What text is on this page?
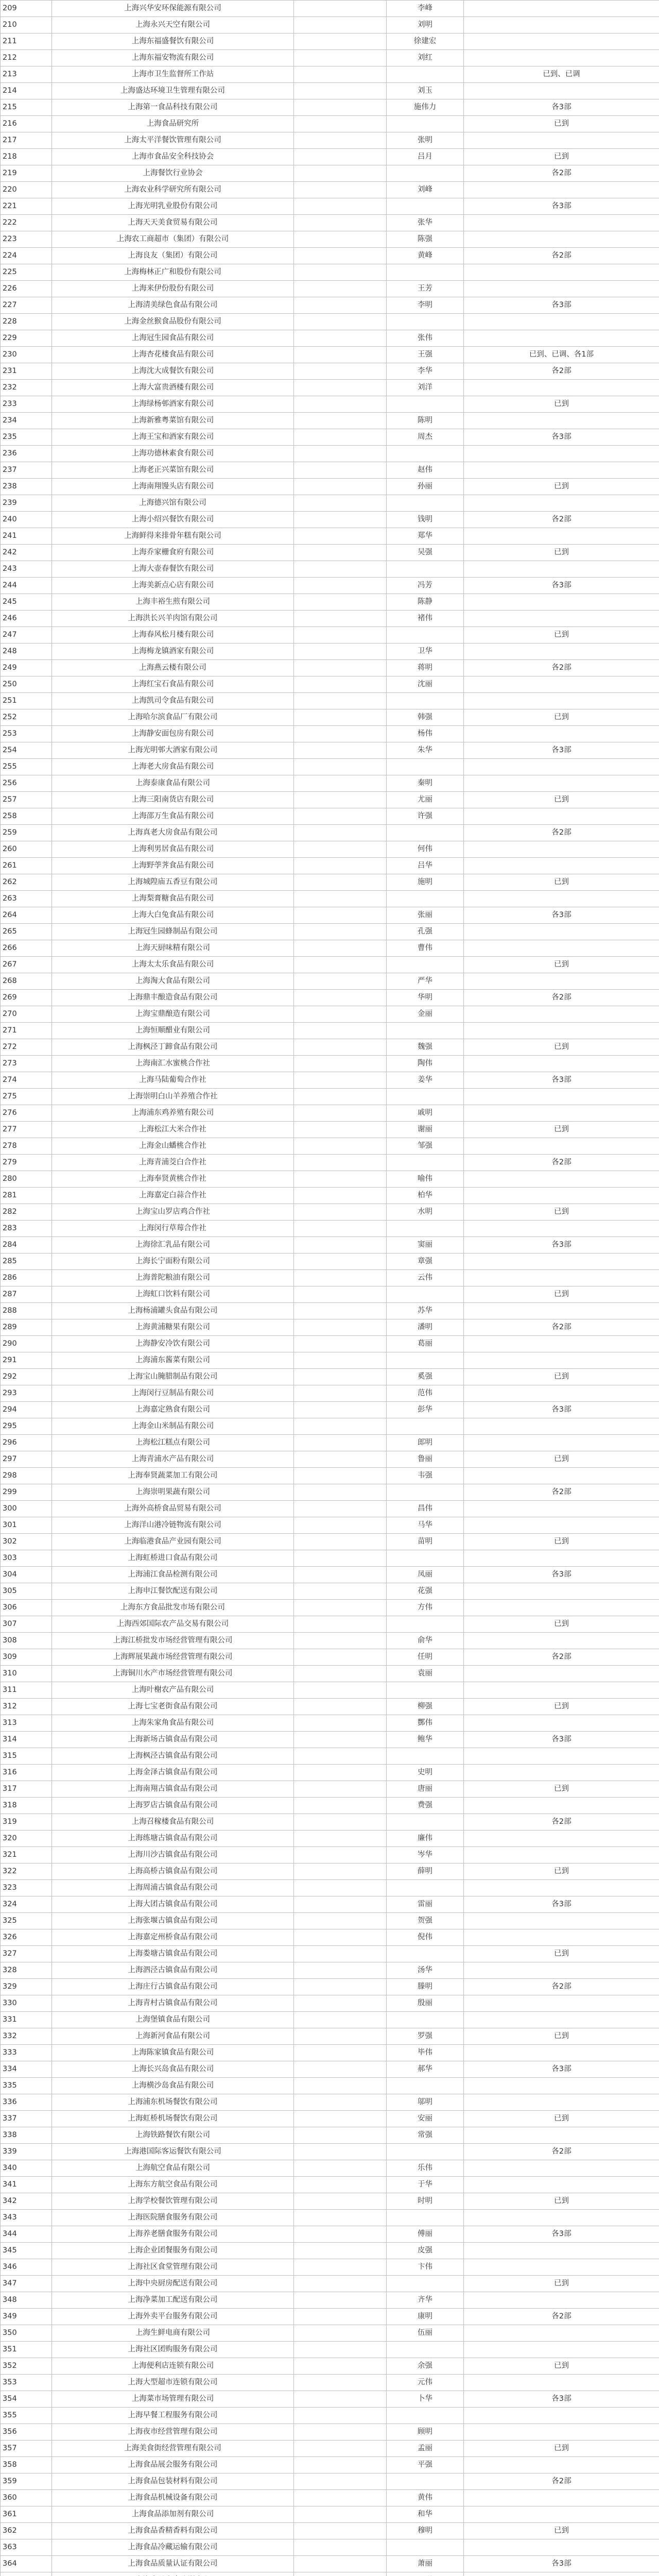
209	上海兴华安环保能源有限公司		李峰	
210	上海永兴天空有限公司		刘明	
211	上海东福盛餐饮有限公司		徐建宏	
212	上海东福安物流有限公司		刘红	
213	上海市卫生监督所工作站			已到、已调
214	上海盛达环境卫生管理有限公司		刘玉	
215	上海第一食品科技有限公司		施伟力	各3部
216	上海食品研究所			已到
217	上海太平洋餐饮管理有限公司		张明	
218	上海市食品安全科技协会		吕月	已到
219	上海餐饮行业协会			各2部
220	上海农业科学研究所有限公司		刘峰	
221	上海光明乳业股份有限公司			各3部
222	上海天天美食贸易有限公司		张华	
223	上海农工商超市（集团）有限公司		陈强	
224	上海良友（集团）有限公司		黄峰	各2部
225	上海梅林正广和股份有限公司			
226	上海来伊份股份有限公司		王芳	
227	上海清美绿色食品有限公司		李明	各3部
228	上海金丝猴食品股份有限公司			
229	上海冠生园食品有限公司		张伟	
230	上海杏花楼食品有限公司		王强	已到、已调、各1部
231	上海沈大成餐饮有限公司		李华	各2部
232	上海大富贵酒楼有限公司		刘洋	
233	上海绿杨邨酒家有限公司			已到
234	上海新雅粤菜馆有限公司		陈明	
235	上海王宝和酒家有限公司		周杰	各3部
236	上海功德林素食有限公司			
237	上海老正兴菜馆有限公司		赵伟	
238	上海南翔馒头店有限公司		孙丽	已到
239	上海德兴馆有限公司			
240	上海小绍兴餐饮有限公司		钱明	各2部
241	上海鲜得来排骨年糕有限公司		郑华	
242	上海乔家栅食府有限公司		吴强	已到
243	上海大壶春餐饮有限公司			
244	上海美新点心店有限公司		冯芳	各3部
245	上海丰裕生煎有限公司		陈静	
246	上海洪长兴羊肉馆有限公司		褚伟	
247	上海春风松月楼有限公司			已到
248	上海梅龙镇酒家有限公司		卫华	
249	上海燕云楼有限公司		蒋明	各2部
250	上海红宝石食品有限公司		沈丽	
251	上海凯司令食品有限公司			
252	上海哈尔滨食品厂有限公司		韩强	已到
253	上海静安面包房有限公司		杨伟	
254	上海光明邨大酒家有限公司		朱华	各3部
255	上海老大房食品有限公司			
256	上海泰康食品有限公司		秦明	
257	上海三阳南货店有限公司		尤丽	已到
258	上海邵万生食品有限公司		许强	
259	上海真老大房食品有限公司			各2部
260	上海利男居食品有限公司		何伟	
261	上海野荸荠食品有限公司		吕华	
262	上海城隍庙五香豆有限公司		施明	已到
263	上海梨膏糖食品有限公司			
264	上海大白兔食品有限公司		张丽	各3部
265	上海冠生园蜂制品有限公司		孔强	
266	上海天厨味精有限公司		曹伟	
267	上海太太乐食品有限公司			已到
268	上海淘大食品有限公司		严华	
269	上海鼎丰酿造食品有限公司		华明	各2部
270	上海宝鼎酿造有限公司		金丽	
271	上海恒顺醋业有限公司			
272	上海枫泾丁蹄食品有限公司		魏强	已到
273	上海南汇水蜜桃合作社		陶伟	
274	上海马陆葡萄合作社		姜华	各3部
275	上海崇明白山羊养殖合作社			
276	上海浦东鸡养殖有限公司		戚明	
277	上海松江大米合作社		谢丽	已到
278	上海金山蟠桃合作社		邹强	
279	上海青浦茭白合作社			各2部
280	上海奉贤黄桃合作社		喻伟	
281	上海嘉定白蒜合作社		柏华	
282	上海宝山罗店鸡合作社		水明	已到
283	上海闵行草莓合作社			
284	上海徐汇乳品有限公司		窦丽	各3部
285	上海长宁面粉有限公司		章强	
286	上海普陀粮油有限公司		云伟	
287	上海虹口饮料有限公司			已到
288	上海杨浦罐头食品有限公司		苏华	
289	上海黄浦糖果有限公司		潘明	各2部
290	上海静安冷饮有限公司		葛丽	
291	上海浦东酱菜有限公司			
292	上海宝山腌腊制品有限公司		奚强	已到
293	上海闵行豆制品有限公司		范伟	
294	上海嘉定熟食有限公司		彭华	各3部
295	上海金山米制品有限公司			
296	上海松江糕点有限公司		郎明	
297	上海青浦水产品有限公司		鲁丽	已到
298	上海奉贤蔬菜加工有限公司		韦强	
299	上海崇明果蔬有限公司			各2部
300	上海外高桥食品贸易有限公司		昌伟	
301	上海洋山港冷链物流有限公司		马华	
302	上海临港食品产业园有限公司		苗明	已到
303	上海虹桥进口食品有限公司			
304	上海浦江食品检测有限公司		凤丽	各3部
305	上海申江餐饮配送有限公司		花强	
306	上海东方食品批发市场有限公司		方伟	
307	上海西郊国际农产品交易有限公司			已到
308	上海江桥批发市场经营管理有限公司		俞华	
309	上海辉展果蔬市场经营管理有限公司		任明	各2部
310	上海铜川水产市场经营管理有限公司		袁丽	
311	上海叶榭农产品有限公司			
312	上海七宝老街食品有限公司		柳强	已到
313	上海朱家角食品有限公司		酆伟	
314	上海新场古镇食品有限公司		鲍华	各3部
315	上海枫泾古镇食品有限公司			
316	上海金泽古镇食品有限公司		史明	
317	上海南翔古镇食品有限公司		唐丽	已到
318	上海罗店古镇食品有限公司		费强	
319	上海召稼楼食品有限公司			各2部
320	上海练塘古镇食品有限公司		廉伟	
321	上海川沙古镇食品有限公司		岑华	
322	上海高桥古镇食品有限公司		薛明	已到
323	上海周浦古镇食品有限公司			
324	上海大团古镇食品有限公司		雷丽	各3部
325	上海张堰古镇食品有限公司		贺强	
326	上海嘉定州桥食品有限公司		倪伟	
327	上海娄塘古镇食品有限公司			已到
328	上海泗泾古镇食品有限公司		汤华	
329	上海庄行古镇食品有限公司		滕明	各2部
330	上海青村古镇食品有限公司		殷丽	
331	上海堡镇食品有限公司			
332	上海新河食品有限公司		罗强	已到
333	上海陈家镇食品有限公司		毕伟	
334	上海长兴岛食品有限公司		郝华	各3部
335	上海横沙岛食品有限公司			
336	上海浦东机场餐饮有限公司		邬明	
337	上海虹桥机场餐饮有限公司		安丽	已到
338	上海铁路餐饮有限公司		常强	
339	上海港国际客运餐饮有限公司			各2部
340	上海航空食品有限公司		乐伟	
341	上海东方航空食品有限公司		于华	
342	上海学校餐饮管理有限公司		时明	已到
343	上海医院膳食服务有限公司			
344	上海养老膳食服务有限公司		傅丽	各3部
345	上海企业团餐服务有限公司		皮强	
346	上海社区食堂管理有限公司		卞伟	
347	上海中央厨房配送有限公司			已到
348	上海净菜加工配送有限公司		齐华	
349	上海外卖平台服务有限公司		康明	各2部
350	上海生鲜电商有限公司		伍丽	
351	上海社区团购服务有限公司			
352	上海便利店连锁有限公司		余强	已到
353	上海大型超市连锁有限公司		元伟	
354	上海菜市场管理有限公司		卜华	各3部
355	上海早餐工程服务有限公司			
356	上海夜市经营管理有限公司		顾明	
357	上海美食街经营管理有限公司		孟丽	已到
358	上海食品展会服务有限公司		平强	
359	上海食品包装材料有限公司			各2部
360	上海食品机械设备有限公司		黄伟	
361	上海食品添加剂有限公司		和华	
362	上海食品香精香料有限公司		穆明	已到
363	上海食品冷藏运输有限公司			
364	上海食品质量认证有限公司		萧丽	各3部
